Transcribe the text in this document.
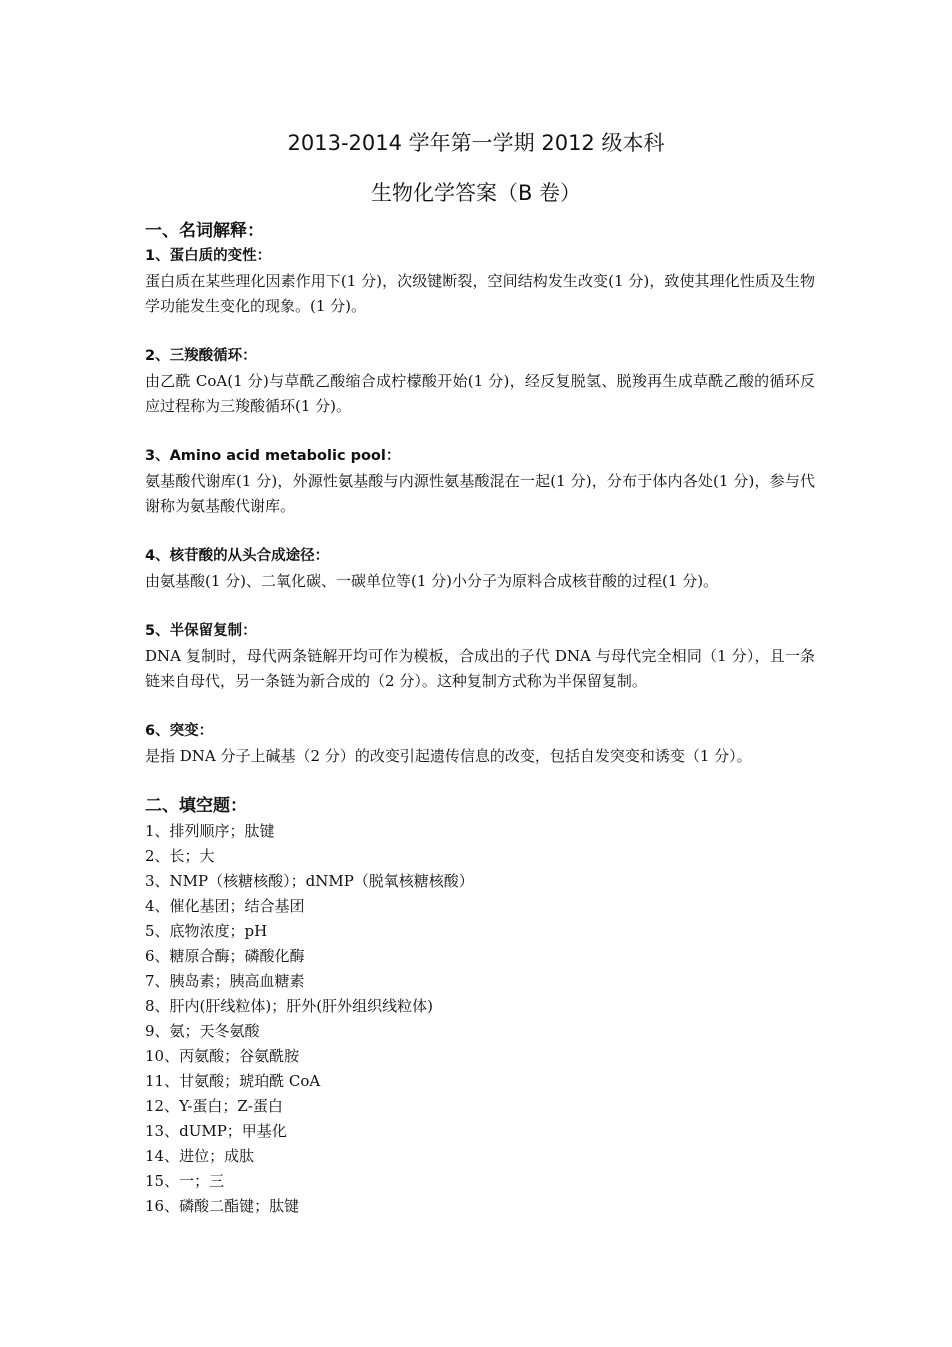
2013-2014 学年第一学期 2012 级本科
生物化学答案（B 卷）
一、名词解释：
1、蛋白质的变性：
蛋白质在某些理化因素作用下(1 分)，次级键断裂，空间结构发生改变(1 分)，致使其理化性质及生物学功能发生变化的现象。(1 分)。
2、三羧酸循环：
由乙酰 CoA(1 分)与草酰乙酸缩合成柠檬酸开始(1 分)，经反复脱氢、脱羧再生成草酰乙酸的循环反应过程称为三羧酸循环(1 分)。
3、Amino acid metabolic pool：
氨基酸代谢库(1 分)，外源性氨基酸与内源性氨基酸混在一起(1 分)，分布于体内各处(1 分)，参与代谢称为氨基酸代谢库。
4、核苷酸的从头合成途径：
由氨基酸(1 分)、二氧化碳、一碳单位等(1 分)小分子为原料合成核苷酸的过程(1 分)。
5、半保留复制：
DNA 复制时，母代两条链解开均可作为模板，合成出的子代 DNA 与母代完全相同（1 分），且一条链来自母代，另一条链为新合成的（2 分）。这种复制方式称为半保留复制。
6、突变：
是指 DNA 分子上碱基（2 分）的改变引起遗传信息的改变，包括自发突变和诱变（1 分）。
二、填空题：
1、排列顺序；肽键
2、长；大
3、NMP（核糖核酸）；dNMP（脱氧核糖核酸）
4、催化基团；结合基团
5、底物浓度；pH
6、糖原合酶；磷酸化酶
7、胰岛素；胰高血糖素
8、肝内(肝线粒体)；肝外(肝外组织线粒体)
9、氨；天冬氨酸
10、丙氨酸；谷氨酰胺
11、甘氨酸；琥珀酰 CoA
12、Y-蛋白；Z-蛋白
13、dUMP；甲基化
14、进位；成肽
15、一；三
16、磷酸二酯键；肽键
